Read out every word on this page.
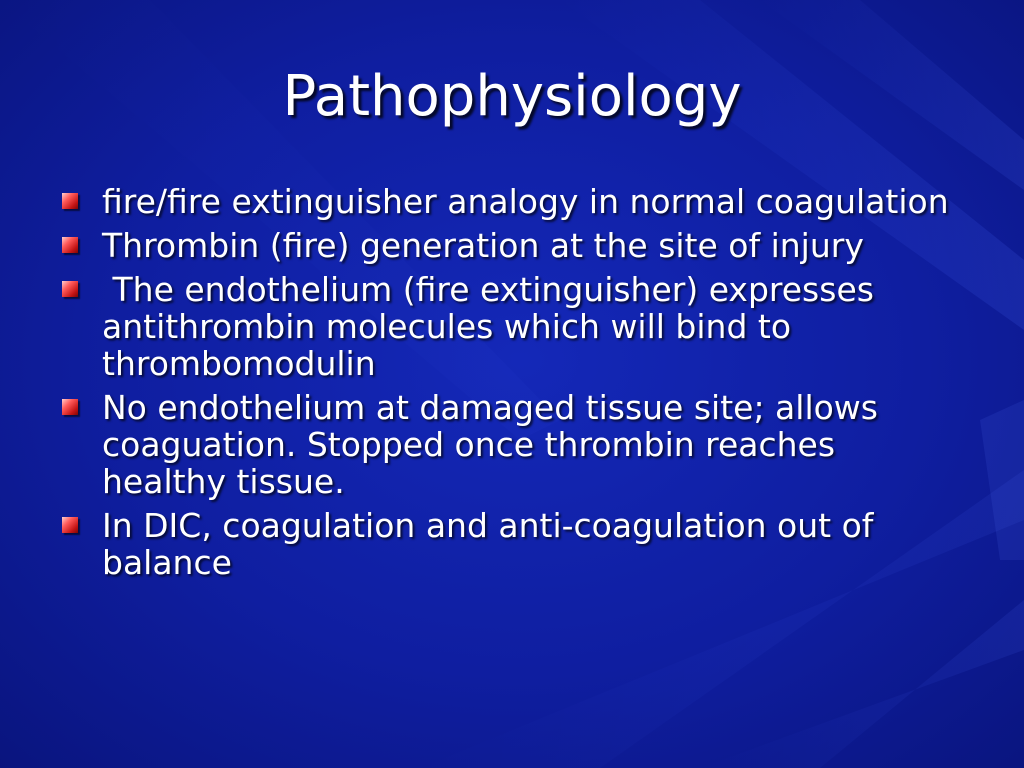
Pathophysiology
fire/fire extinguisher analogy in normal coagulation
Thrombin (fire) generation at the site of injury
The endothelium (fire extinguisher) expresses antithrombin molecules which will bind to thrombomodulin
No endothelium at damaged tissue site; allows coaguation. Stopped once thrombin reaches healthy tissue.
In DIC, coagulation and anti-coagulation out of balance
